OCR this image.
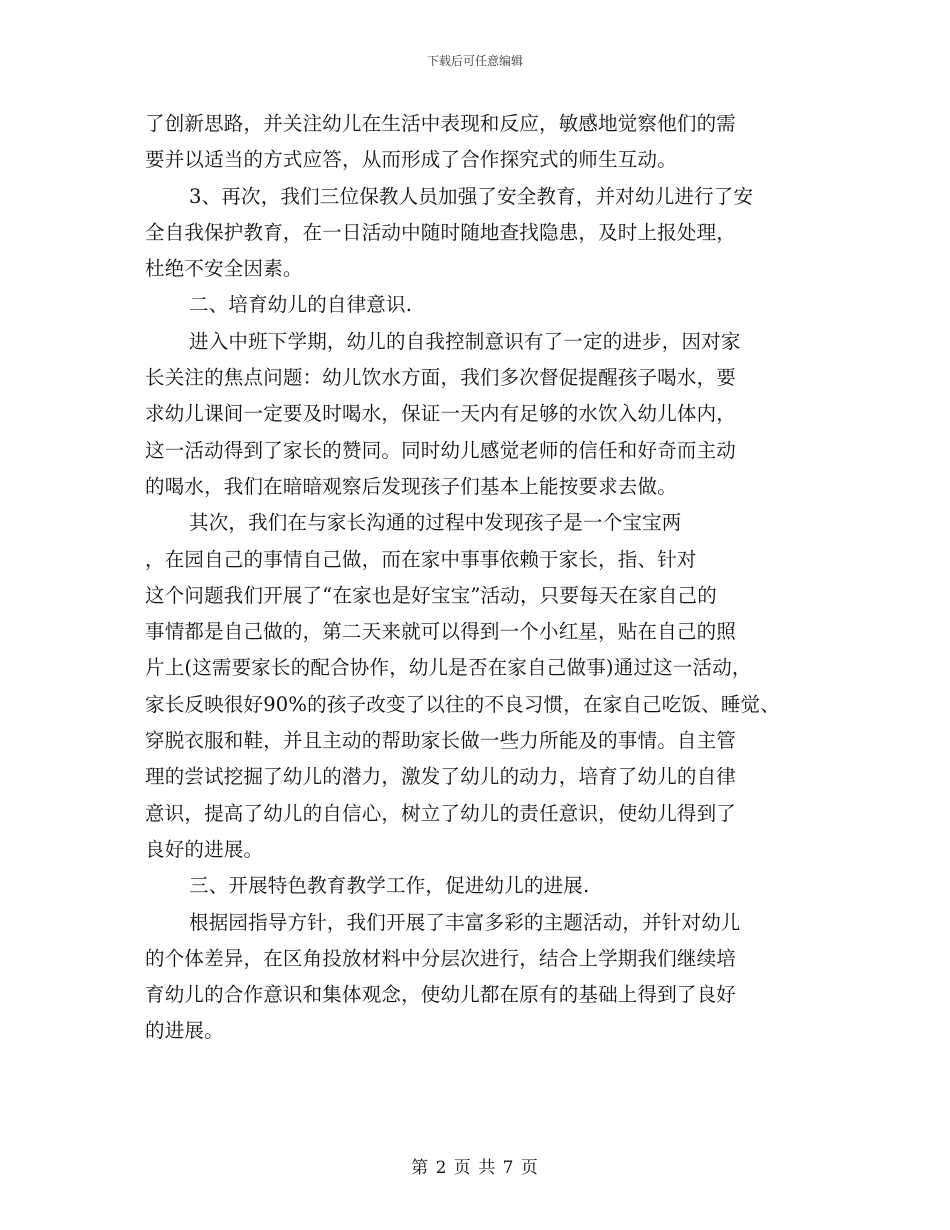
下载后可任意编辑
了创新思路，并关注幼儿在生活中表现和反应，敏感地觉察他们的需
要并以适当的方式应答，从而形成了合作探究式的师生互动。
3、再次，我们三位保教人员加强了安全教育，并对幼儿进行了安
全自我保护教育，在一日活动中随时随地查找隐患，及时上报处理，
杜绝不安全因素。
二、培育幼儿的自律意识.
进入中班下学期，幼儿的自我控制意识有了一定的进步，因对家
长关注的焦点问题：幼儿饮水方面，我们多次督促提醒孩子喝水，要
求幼儿课间一定要及时喝水，保证一天内有足够的水饮入幼儿体内，
这一活动得到了家长的赞同。同时幼儿感觉老师的信任和好奇而主动
的喝水，我们在暗暗观察后发现孩子们基本上能按要求去做。
其次，我们在与家长沟通的过程中发现孩子是一个宝宝两
，在园自己的事情自己做，而在家中事事依赖于家长，指、针对
这个问题我们开展了“在家也是好宝宝”活动，只要每天在家自己的
事情都是自己做的，第二天来就可以得到一个小红星，贴在自己的照
片上(这需要家长的配合协作，幼儿是否在家自己做事)通过这一活动，
家长反映很好90%的孩子改变了以往的不良习惯，在家自己吃饭、睡觉、
穿脱衣服和鞋，并且主动的帮助家长做一些力所能及的事情。自主管
理的尝试挖掘了幼儿的潜力，激发了幼儿的动力，培育了幼儿的自律
意识，提高了幼儿的自信心，树立了幼儿的责任意识，使幼儿得到了
良好的进展。
三、开展特色教育教学工作，促进幼儿的进展.
根据园指导方针，我们开展了丰富多彩的主题活动，并针对幼儿
的个体差异，在区角投放材料中分层次进行，结合上学期我们继续培
育幼儿的合作意识和集体观念，使幼儿都在原有的基础上得到了良好
的进展。
第 2 页 共 7 页
